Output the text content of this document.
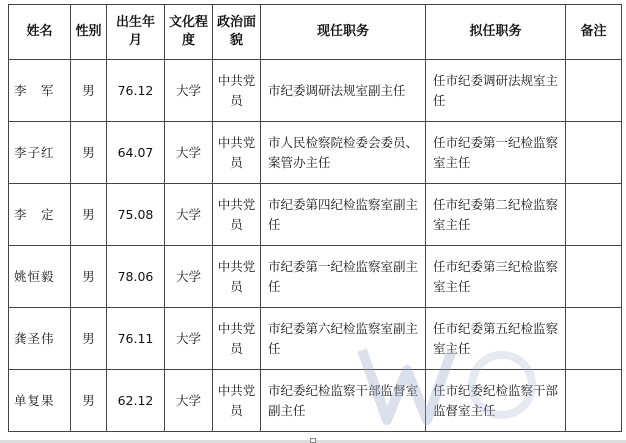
姓名	性别	出生年月	文化程度	政治面貌	现任职务	拟任职务	备注
李　军	男	76.12	大学	中共党员	市纪委调研法规室副主任	任市纪委调研法规室主任	
李子红	男	64.07	大学	中共党员	市人民检察院检委会委员、案管办主任	任市纪委第一纪检监察室主任	
李　定	男	75.08	大学	中共党员	市纪委第四纪检监察室副主任	任市纪委第二纪检监察室主任	
姚恒毅	男	78.06	大学	中共党员	市纪委第一纪检监察室副主任	任市纪委第三纪检监察室主任	
龚圣伟	男	76.11	大学	中共党员	市纪委第六纪检监察室副主任	任市纪委第五纪检监察室主任	
单复果	男	62.12	大学	中共党员	市纪委纪检监察干部监督室副主任	任市纪委纪检监察干部监督室主任	
